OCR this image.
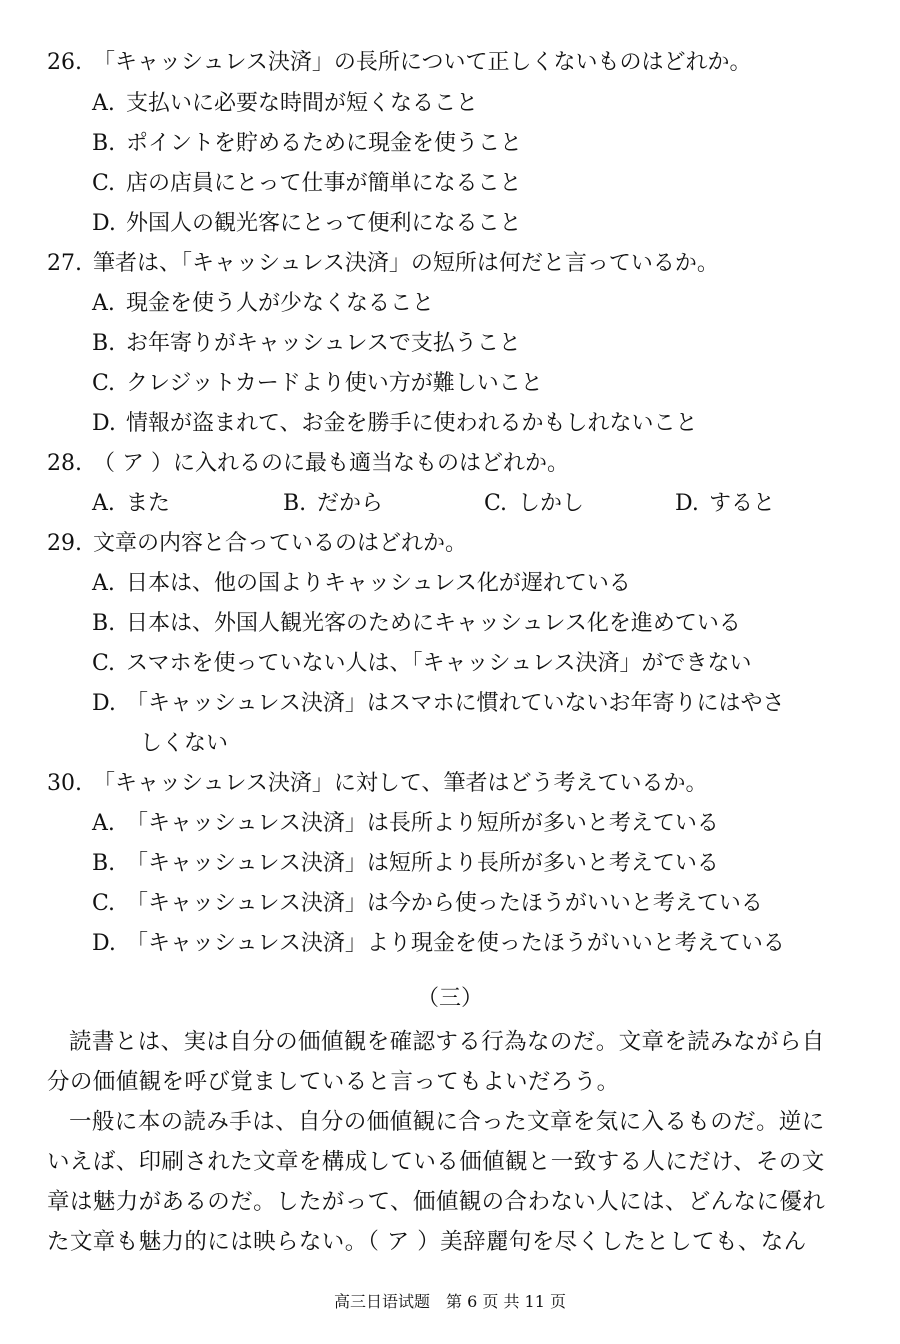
26. 「キャッシュレス決済」の長所について正しくないものはどれか。
A. 支払いに必要な時間が短くなること
B. ポイントを貯めるために現金を使うこと
C. 店の店員にとって仕事が簡単になること
D. 外国人の観光客にとって便利になること
27. 筆者は、「キャッシュレス決済」の短所は何だと言っているか。
A. 現金を使う人が少なくなること
B. お年寄りがキャッシュレスで支払うこと
C. クレジットカードより使い方が難しいこと
D. 情報が盗まれて、お金を勝手に使われるかもしれないこと
28. （ ア ）に入れるのに最も適当なものはどれか。
A. また	B. だから	C. しかし	D. すると
29. 文章の内容と合っているのはどれか。
A. 日本は、他の国よりキャッシュレス化が遅れている
B. 日本は、外国人観光客のためにキャッシュレス化を進めている
C. スマホを使っていない人は、「キャッシュレス決済」ができない
D. 「キャッシュレス決済」はスマホに慣れていないお年寄りにはやさ
しくない
30. 「キャッシュレス決済」に対して、筆者はどう考えているか。
A. 「キャッシュレス決済」は長所より短所が多いと考えている
B. 「キャッシュレス決済」は短所より長所が多いと考えている
C. 「キャッシュレス決済」は今から使ったほうがいいと考えている
D. 「キャッシュレス決済」より現金を使ったほうがいいと考えている
（三）

読書とは、実は自分の価値観を確認する行為なのだ。文章を読みながら自

分の価値観を呼び覚ましていると言ってもよいだろう。

一般に本の読み手は、自分の価値観に合った文章を気に入るものだ。逆に

いえば、印刷された文章を構成している価値観と一致する人にだけ、その文

章は魅力があるのだ。したがって、価値観の合わない人には、どんなに優れ

た文章も魅力的には映らない。（ ア ）美辞麗句を尽くしたとしても、なん

高三日语试题　第 6 页 共 11 页
